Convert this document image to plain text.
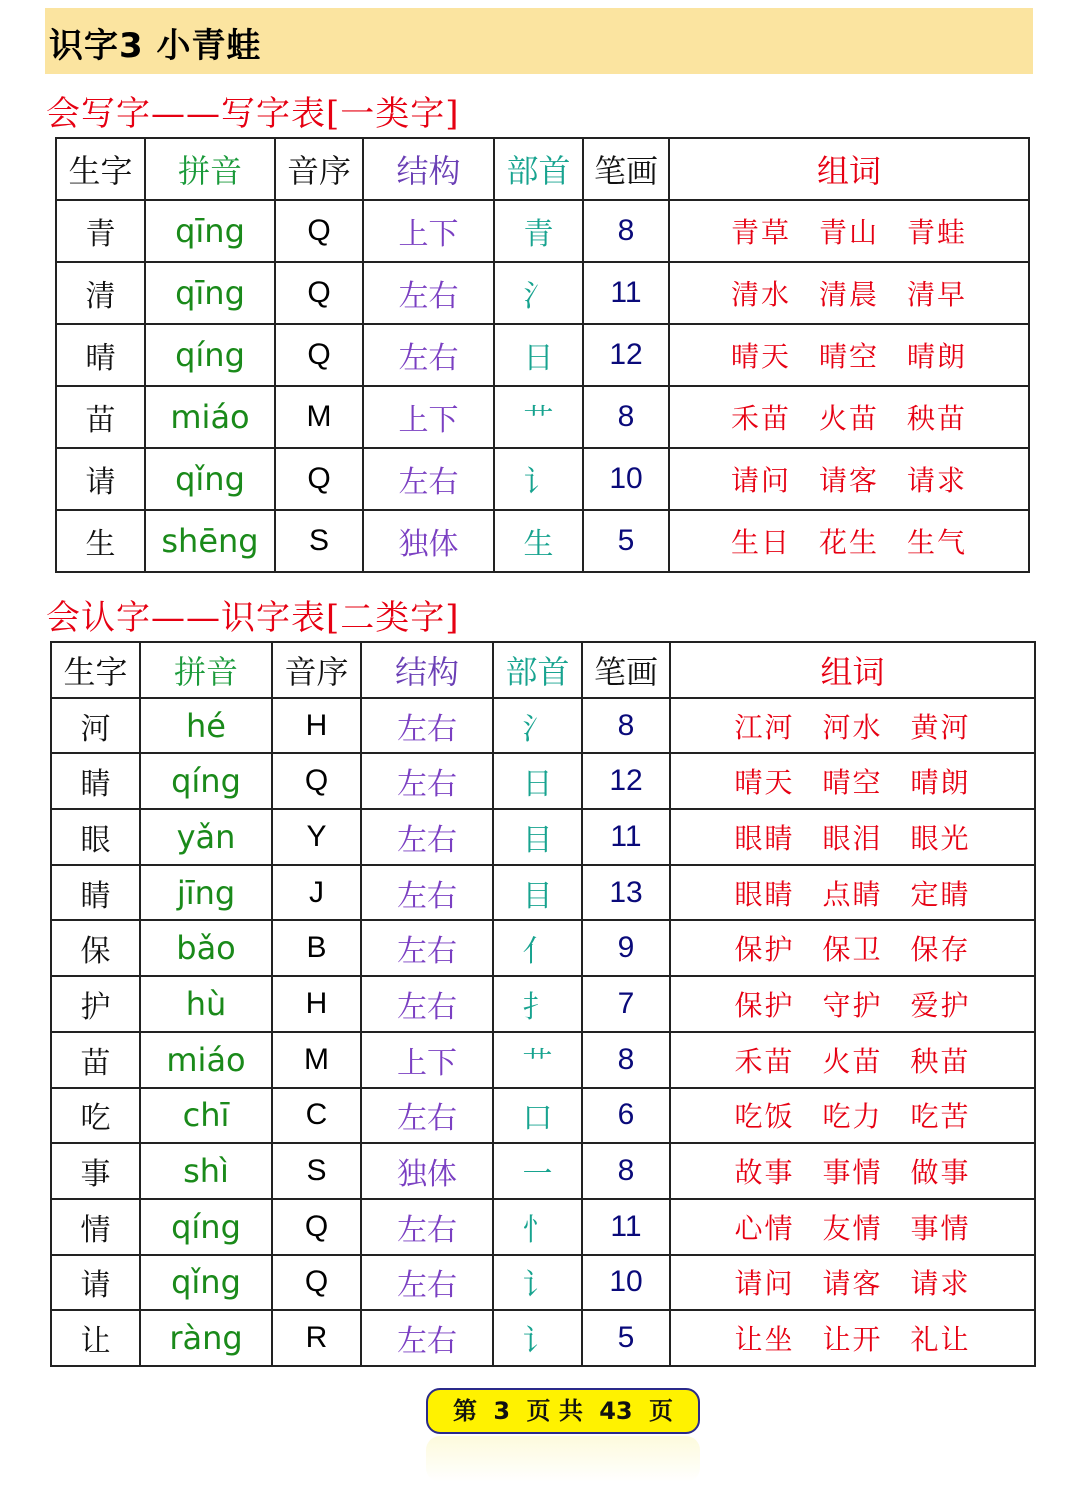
识字3 小青蛙
会写字——写字表[一类字]
生字	拼音	音序	结构	部首	笔画	组词
青	qīng	Q	上下	青	8	青草 青山 青蛙
清	qīng	Q	左右	氵	11	清水 清晨 清早
晴	qíng	Q	左右	日	12	晴天 晴空 晴朗
苗	miáo	M	上下	艹	8	禾苗 火苗 秧苗
请	qǐng	Q	左右	讠	10	请问 请客 请求
生	shēng	S	独体	生	5	生日 花生 生气
会认字——识字表[二类字]
生字	拼音	音序	结构	部首	笔画	组词
河	hé	H	左右	氵	8	江河 河水 黄河
睛	qíng	Q	左右	日	12	晴天 晴空 晴朗
眼	yǎn	Y	左右	目	11	眼睛 眼泪 眼光
睛	jīng	J	左右	目	13	眼睛 点睛 定睛
保	bǎo	B	左右	亻	9	保护 保卫 保存
护	hù	H	左右	扌	7	保护 守护 爱护
苗	miáo	M	上下	艹	8	禾苗 火苗 秧苗
吃	chī	C	左右	口	6	吃饭 吃力 吃苦
事	shì	S	独体	一	8	故事 事情 做事
情	qíng	Q	左右	忄	11	心情 友情 事情
请	qǐng	Q	左右	讠	10	请问 请客 请求
让	ràng	R	左右	讠	5	让坐 让开 礼让
第 3 页 共 43 页
